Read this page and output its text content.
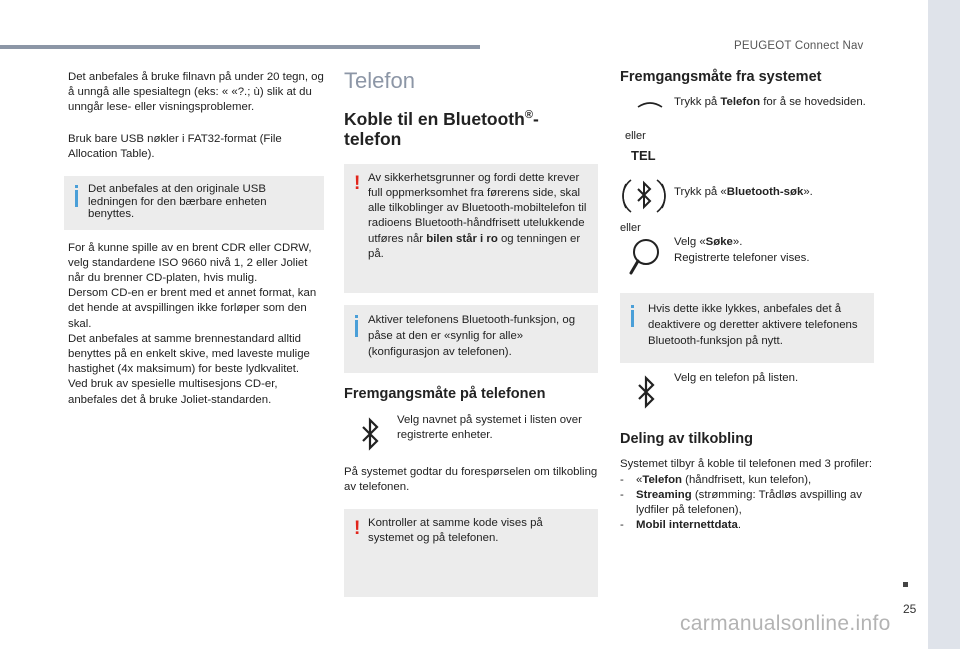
PEUGEOT Connect Nav

Det anbefales å bruke filnavn på under 20 tegn, og å unngå alle spesialtegn (eks: « «?.; ù) slik at du unngår lese- eller visningsproblemer.

Bruk bare USB nøkler i FAT32-format (File Allocation Table).

Det anbefales at den originale USB ledningen for den bærbare enheten benyttes.

For å kunne spille av en brent CDR eller CDRW, velg standardene ISO 9660 nivå 1, 2 eller Joliet når du brenner CD-platen, hvis mulig.

Dersom CD-en er brent med et annet format, kan det hende at avspillingen ikke forløper som den skal.

Det anbefales at samme brennestandard alltid benyttes på en enkelt skive, med laveste mulige hastighet (4x maksimum) for beste lydkvalitet.

Ved bruk av spesielle multisesjons CD-er, anbefales det å bruke Joliet-standarden.

Telefon
Koble til en Bluetooth®-
telefon
! Av sikkerhetsgrunner og fordi dette krever full oppmerksomhet fra førerens side, skal alle tilkoblinger av Bluetooth-mobiltelefon til radioens Bluetooth-håndfrisett utelukkende utføres når bilen står i ro og tenningen er på.
Aktiver telefonens Bluetooth-funksjon, og påse at den er «synlig for alle» (konfigurasjon av telefonen).
Fremgangsmåte på telefonen

Velg navnet på systemet i listen over registrerte enheter.

På systemet godtar du forespørselen om tilkobling av telefonen.

! Kontroller at samme kode vises på systemet og på telefonen.
Fremgangsmåte fra systemet
eller

Trykk på Telefon for å se hovedsiden.

TEL

Trykk på «Bluetooth-søk».

eller

Velg «Søke».
Registrerte telefoner vises.

Hvis dette ikke lykkes, anbefales det å deaktivere og deretter aktivere telefonens Bluetooth-funksjon på nytt.

Velg en telefon på listen.

Deling av tilkobling

Systemet tilbyr å koble til telefonen med 3 profiler:

- «Telefon (håndfrisett, kun telefon),
- Streaming (strømming: Trådløs avspilling av lydfiler på telefonen),
- Mobil internettdata.
25
carmanualsonline.info
